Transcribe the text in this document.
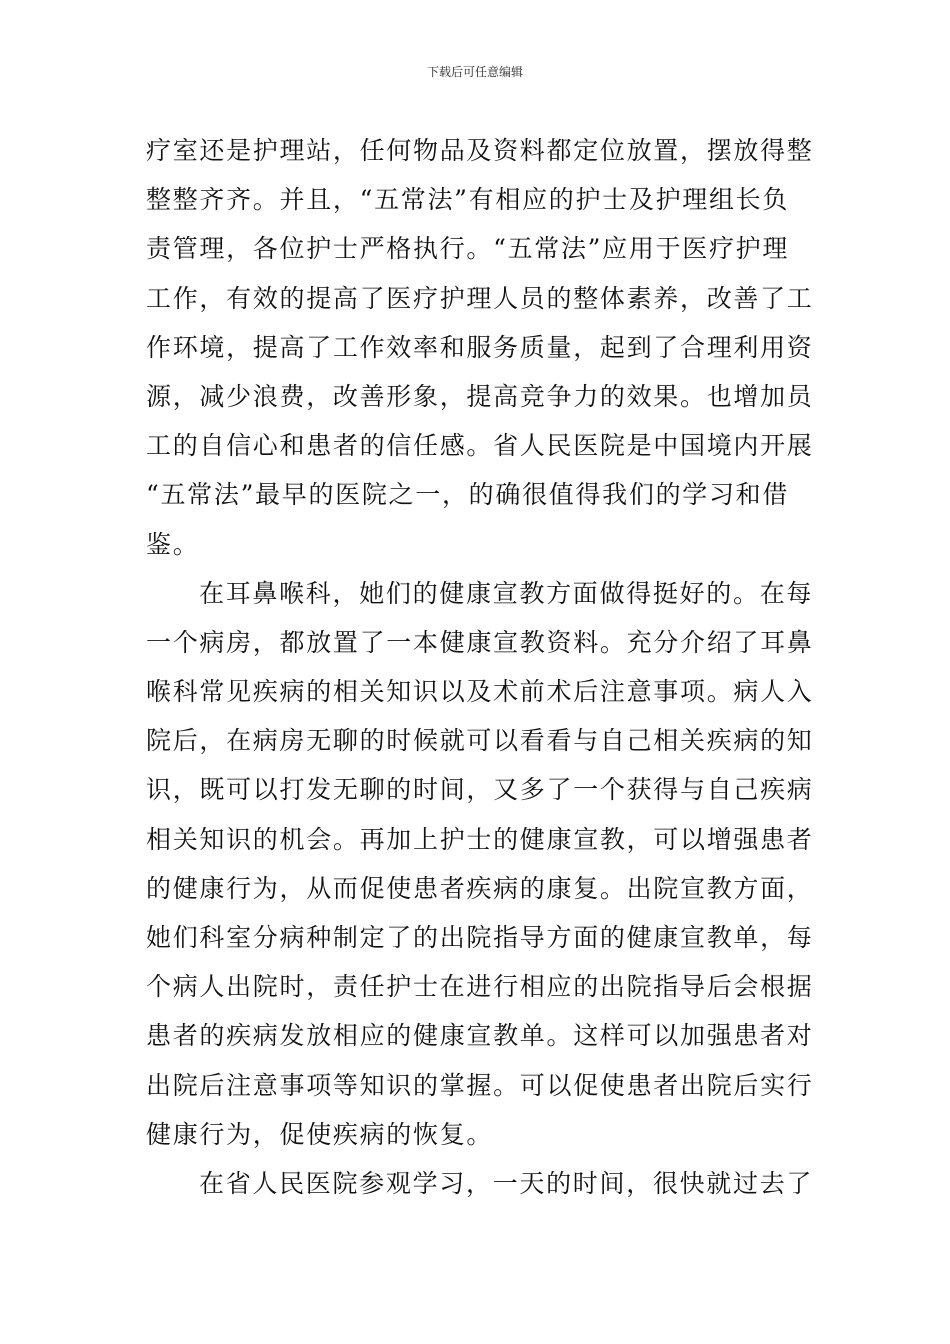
下载后可任意编辑
疗室还是护理站，任何物品及资料都定位放置，摆放得整
整整齐齐。并且，“五常法”有相应的护士及护理组长负
责管理，各位护士严格执行。“五常法”应用于医疗护理
工作，有效的提高了医疗护理人员的整体素养，改善了工
作环境，提高了工作效率和服务质量，起到了合理利用资
源，减少浪费，改善形象，提高竞争力的效果。也增加员
工的自信心和患者的信任感。省人民医院是中国境内开展
“五常法”最早的医院之一，的确很值得我们的学习和借
鉴。
在耳鼻喉科，她们的健康宣教方面做得挺好的。在每
一个病房，都放置了一本健康宣教资料。充分介绍了耳鼻
喉科常见疾病的相关知识以及术前术后注意事项。病人入
院后，在病房无聊的时候就可以看看与自己相关疾病的知
识，既可以打发无聊的时间，又多了一个获得与自己疾病
相关知识的机会。再加上护士的健康宣教，可以增强患者
的健康行为，从而促使患者疾病的康复。出院宣教方面，
她们科室分病种制定了的出院指导方面的健康宣教单，每
个病人出院时，责任护士在进行相应的出院指导后会根据
患者的疾病发放相应的健康宣教单。这样可以加强患者对
出院后注意事项等知识的掌握。可以促使患者出院后实行
健康行为，促使疾病的恢复。
在省人民医院参观学习，一天的时间，很快就过去了
